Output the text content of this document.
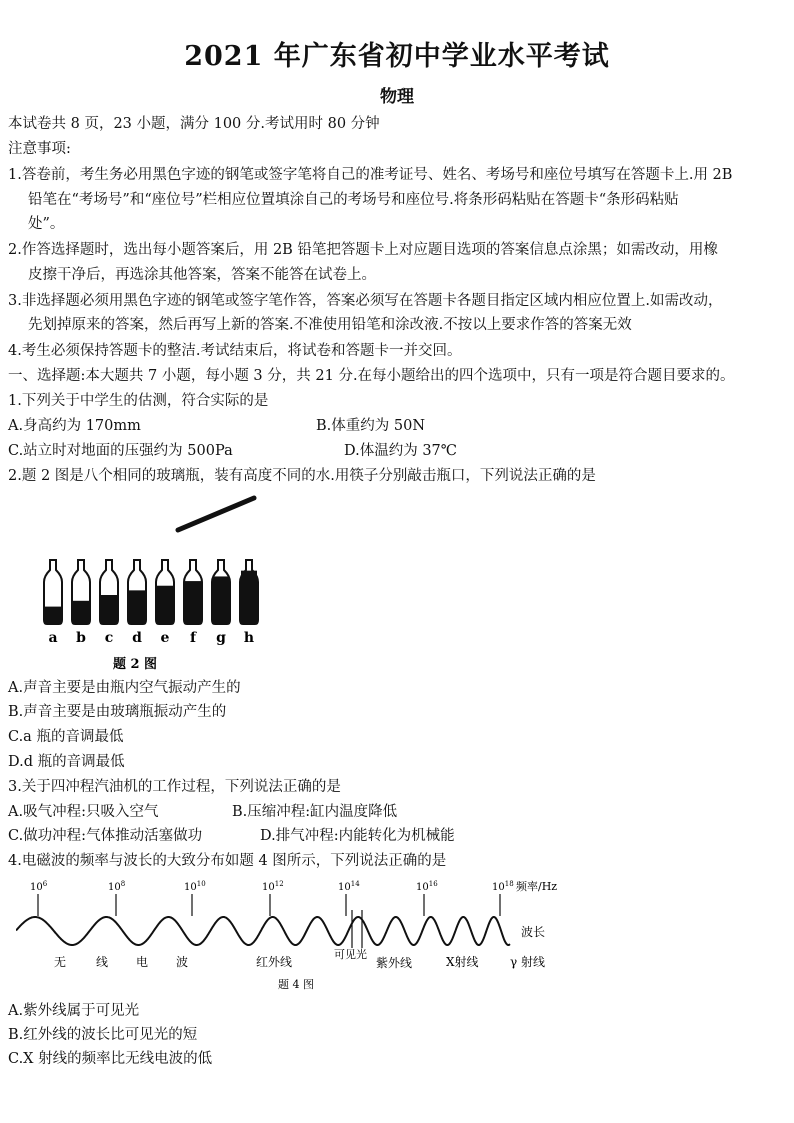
2021 年广东省初中学业水平考试
物理
本试卷共 8 页，23 小题，满分 100 分.考试用时 80 分钟
注意事项:
1.答卷前，考生务必用黑色字迹的钢笔或签字笔将自己的准考证号、姓名、考场号和座位号填写在答题卡上.用 2B
铅笔在“考场号”和“座位号”栏相应位置填涂自己的考场号和座位号.将条形码粘贴在答题卡“条形码粘贴
处”。
2.作答选择题时，选出每小题答案后，用 2B 铅笔把答题卡上对应题目选项的答案信息点涂黑；如需改动，用橡
皮擦干净后，再选涂其他答案，答案不能答在试卷上。
3.非选择题必须用黑色字迹的钢笔或签字笔作答，答案必须写在答题卡各题目指定区域内相应位置上.如需改动，
先划掉原来的答案，然后再写上新的答案.不准使用铅笔和涂改液.不按以上要求作答的答案无效
4.考生必须保持答题卡的整洁.考试结束后，将试卷和答题卡一并交回。
一、选择题:本大题共 7 小题，每小题 3 分，共 21 分.在每小题给出的四个选项中，只有一项是符合题目要求的。
1.下列关于中学生的估测，符合实际的是
A.身高约为 170mm	B.体重约为 50N
C.站立时对地面的压强约为 500Pa	D.体温约为 37℃
2.题 2 图是八个相同的玻璃瓶，装有高度不同的水.用筷子分别敲击瓶口，下列说法正确的是
a b c d e f g h
题 2 图
A.声音主要是由瓶内空气振动产生的
B.声音主要是由玻璃瓶振动产生的
C.a 瓶的音调最低
D.d 瓶的音调最低
3.关于四冲程汽油机的工作过程，下列说法正确的是
A.吸气冲程:只吸入空气	B.压缩冲程:缸内温度降低
C.做功冲程:气体推动活塞做功	D.排气冲程:内能转化为机械能
4.电磁波的频率与波长的大致分布如题 4 图所示，下列说法正确的是
$10^6$	$10^8$	$10^{10}$	$10^{12}$	$10^{14}$	$10^{16}$	$10^{18}$ 频率/Hz
波长
无 线 电 波	红外线
可见光
紫外线	X射线	γ 射线
题 4 图
A.紫外线属于可见光
B.红外线的波长比可见光的短
C.X 射线的频率比无线电波的低
